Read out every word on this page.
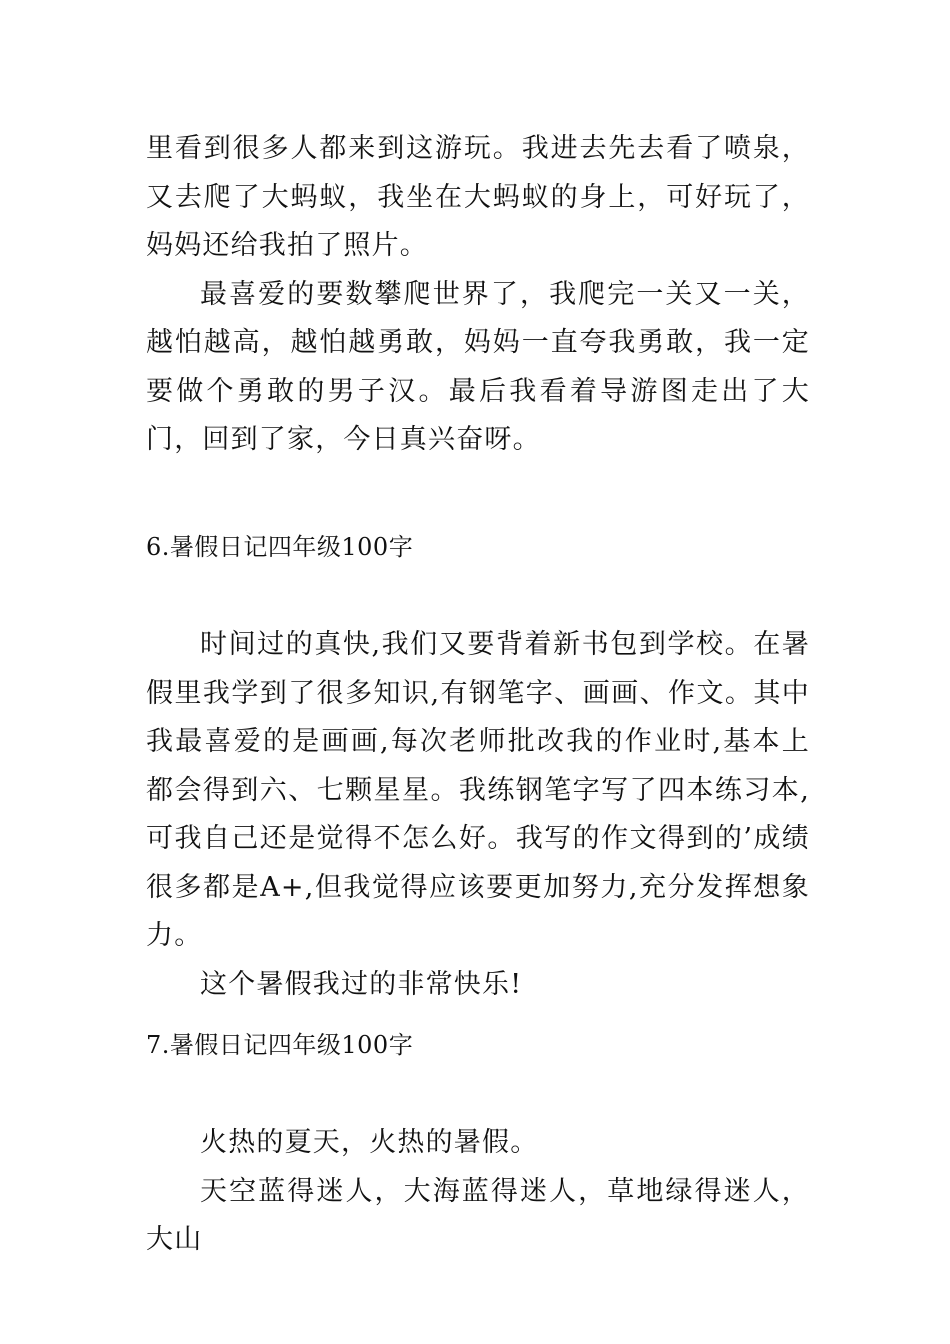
里看到很多人都来到这游玩。我进去先去看了喷泉，又去爬了大蚂蚁，我坐在大蚂蚁的身上，可好玩了，妈妈还给我拍了照片。

最喜爱的要数攀爬世界了，我爬完一关又一关，越怕越高，越怕越勇敢，妈妈一直夸我勇敢，我一定要做个勇敢的男子汉。最后我看着导游图走出了大门，回到了家，今日真兴奋呀。

6.暑假日记四年级100字

时间过的真快,我们又要背着新书包到学校。在暑假里我学到了很多知识,有钢笔字、画画、作文。其中我最喜爱的是画画,每次老师批改我的作业时,基本上都会得到六、七颗星星。我练钢笔字写了四本练习本,可我自己还是觉得不怎么好。我写的作文得到的’成绩很多都是A+,但我觉得应该要更加努力,充分发挥想象力。

这个暑假我过的非常快乐!

7.暑假日记四年级100字

火热的夏天，火热的暑假。

天空蓝得迷人，大海蓝得迷人，草地绿得迷人，大山
